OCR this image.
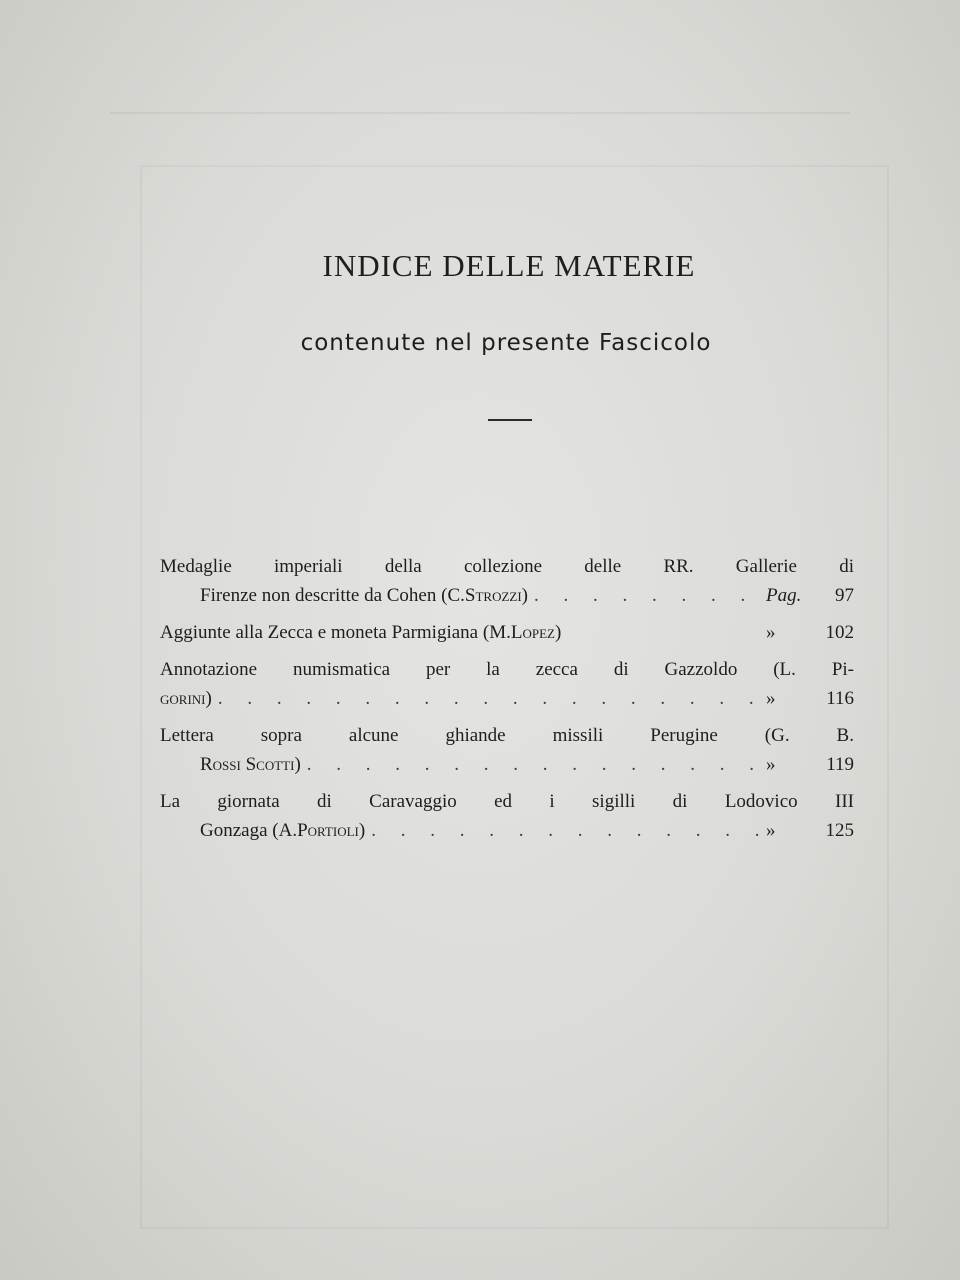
INDICE DELLE MATERIE
contenute nel presente Fascicolo
Medaglie imperiali della collezione delle RR. Gallerie di
Firenze non descritte da Cohen ( C. Strozzi ) . . .	Pag. 97
Aggiunte alla Zecca e moneta Parmigiana (M. Lopez )	»	102
Annotazione numismatica per la zecca di Gazzoldo (L. Pi-
gorini ) . . .	»	116
Lettera sopra alcune ghiande missili Perugine (G. B.
Rossi Scotti ) . . .	»	119
La giornata di Caravaggio ed i sigilli di Lodovico III
Gonzaga (A. Portioli ) . . .	»	125
